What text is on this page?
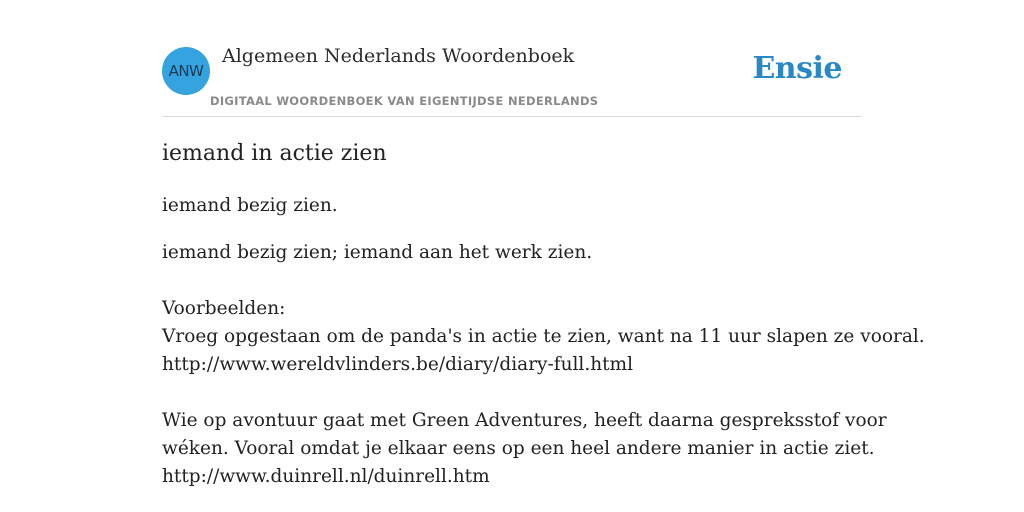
ANW
Algemeen Nederlands Woordenboek
DIGITAAL WOORDENBOEK VAN EIGENTIJDSE NEDERLANDS
Ensie
iemand in actie zien

iemand bezig zien.

iemand bezig zien; iemand aan het werk zien.

Voorbeelden:
Vroeg opgestaan om de panda's in actie te zien, want na 11 uur slapen ze vooral.
http://www.wereldvlinders.be/diary/diary-full.html
Wie op avontuur gaat met Green Adventures, heeft daarna gespreksstof voor
wéken. Vooral omdat je elkaar eens op een heel andere manier in actie ziet.
http://www.duinrell.nl/duinrell.htm
